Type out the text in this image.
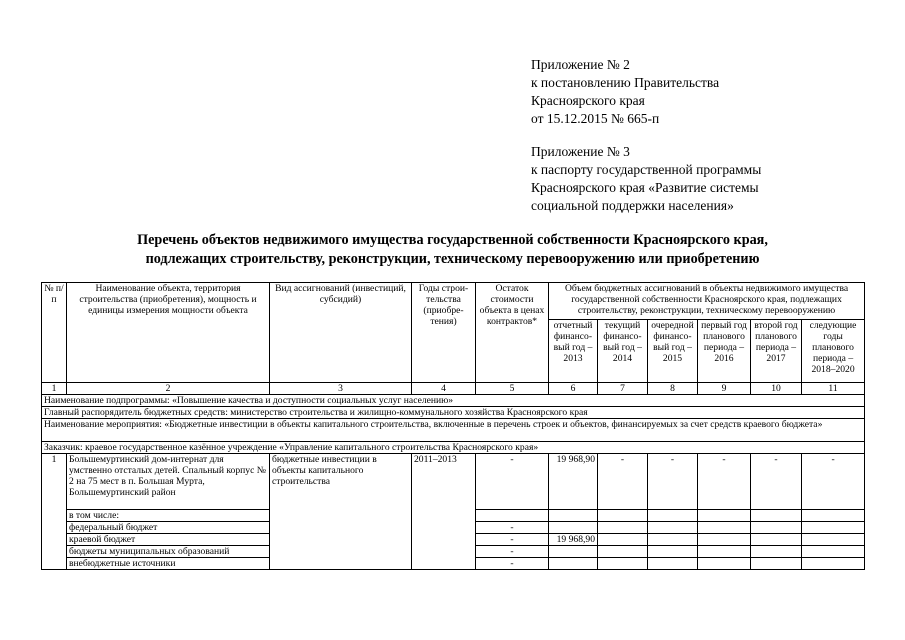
Приложение № 2
к постановлению Правительства
Красноярского края
от 15.12.2015 № 665-п
Приложение № 3
к паспорту государственной программы
Красноярского края «Развитие системы
социальной поддержки населения»
Перечень объектов недвижимого имущества государственной собственности Красноярского края,
подлежащих строительству, реконструкции, техническому перевооружению или приобретению
№ п/п	Наименование объекта, территория строительства (приобретения), мощность и единицы измерения мощности объекта	Вид ассигнований (инвестиций, субсидий)	Годы строи-тельства (приобре-тения)	Остаток стоимости объекта в ценах контрактов*	Объем бюджетных ассигнований в объекты недвижимого имущества государственной собственности Красноярского края, подлежащих строительству, реконструкции, техническому перевооружению					
					отчетный финансо-вый год – 2013	текущий финансо-вый год – 2014	очередной финансо-вый год – 2015	первый год планового периода – 2016	второй год планового периода – 2017	следующие годы планового периода – 2018–2020
1	2	3	4	5	6	7	8	9	10	11
Наименование подпрограммы: «Повышение качества и доступности социальных услуг населению»										
Главный распорядитель бюджетных средств: министерство строительства и жилищно-коммунального хозяйства Красноярского края										
Наименование мероприятия: «Бюджетные инвестиции в объекты капитального строительства, включенные в перечень строек и объектов, финансируемых за счет средств краевого бюджета»										
Заказчик: краевое государственное казённое учреждение «Управление капитального строительства Красноярского края»										
1	Большемуртинский дом-интернат для умственно отсталых детей. Спальный корпус № 2 на 75 мест в п. Большая Мурта, Большемуртинский район	бюджетные инвестиции в объекты капитального строительства	2011–2013	-	19 968,90	-	-	-	-	-
	в том числе:									
	федеральный бюджет			-						
	краевой бюджет			-	19 968,90					
	бюджеты муниципальных образований			-						
	внебюджетные источники			-						
